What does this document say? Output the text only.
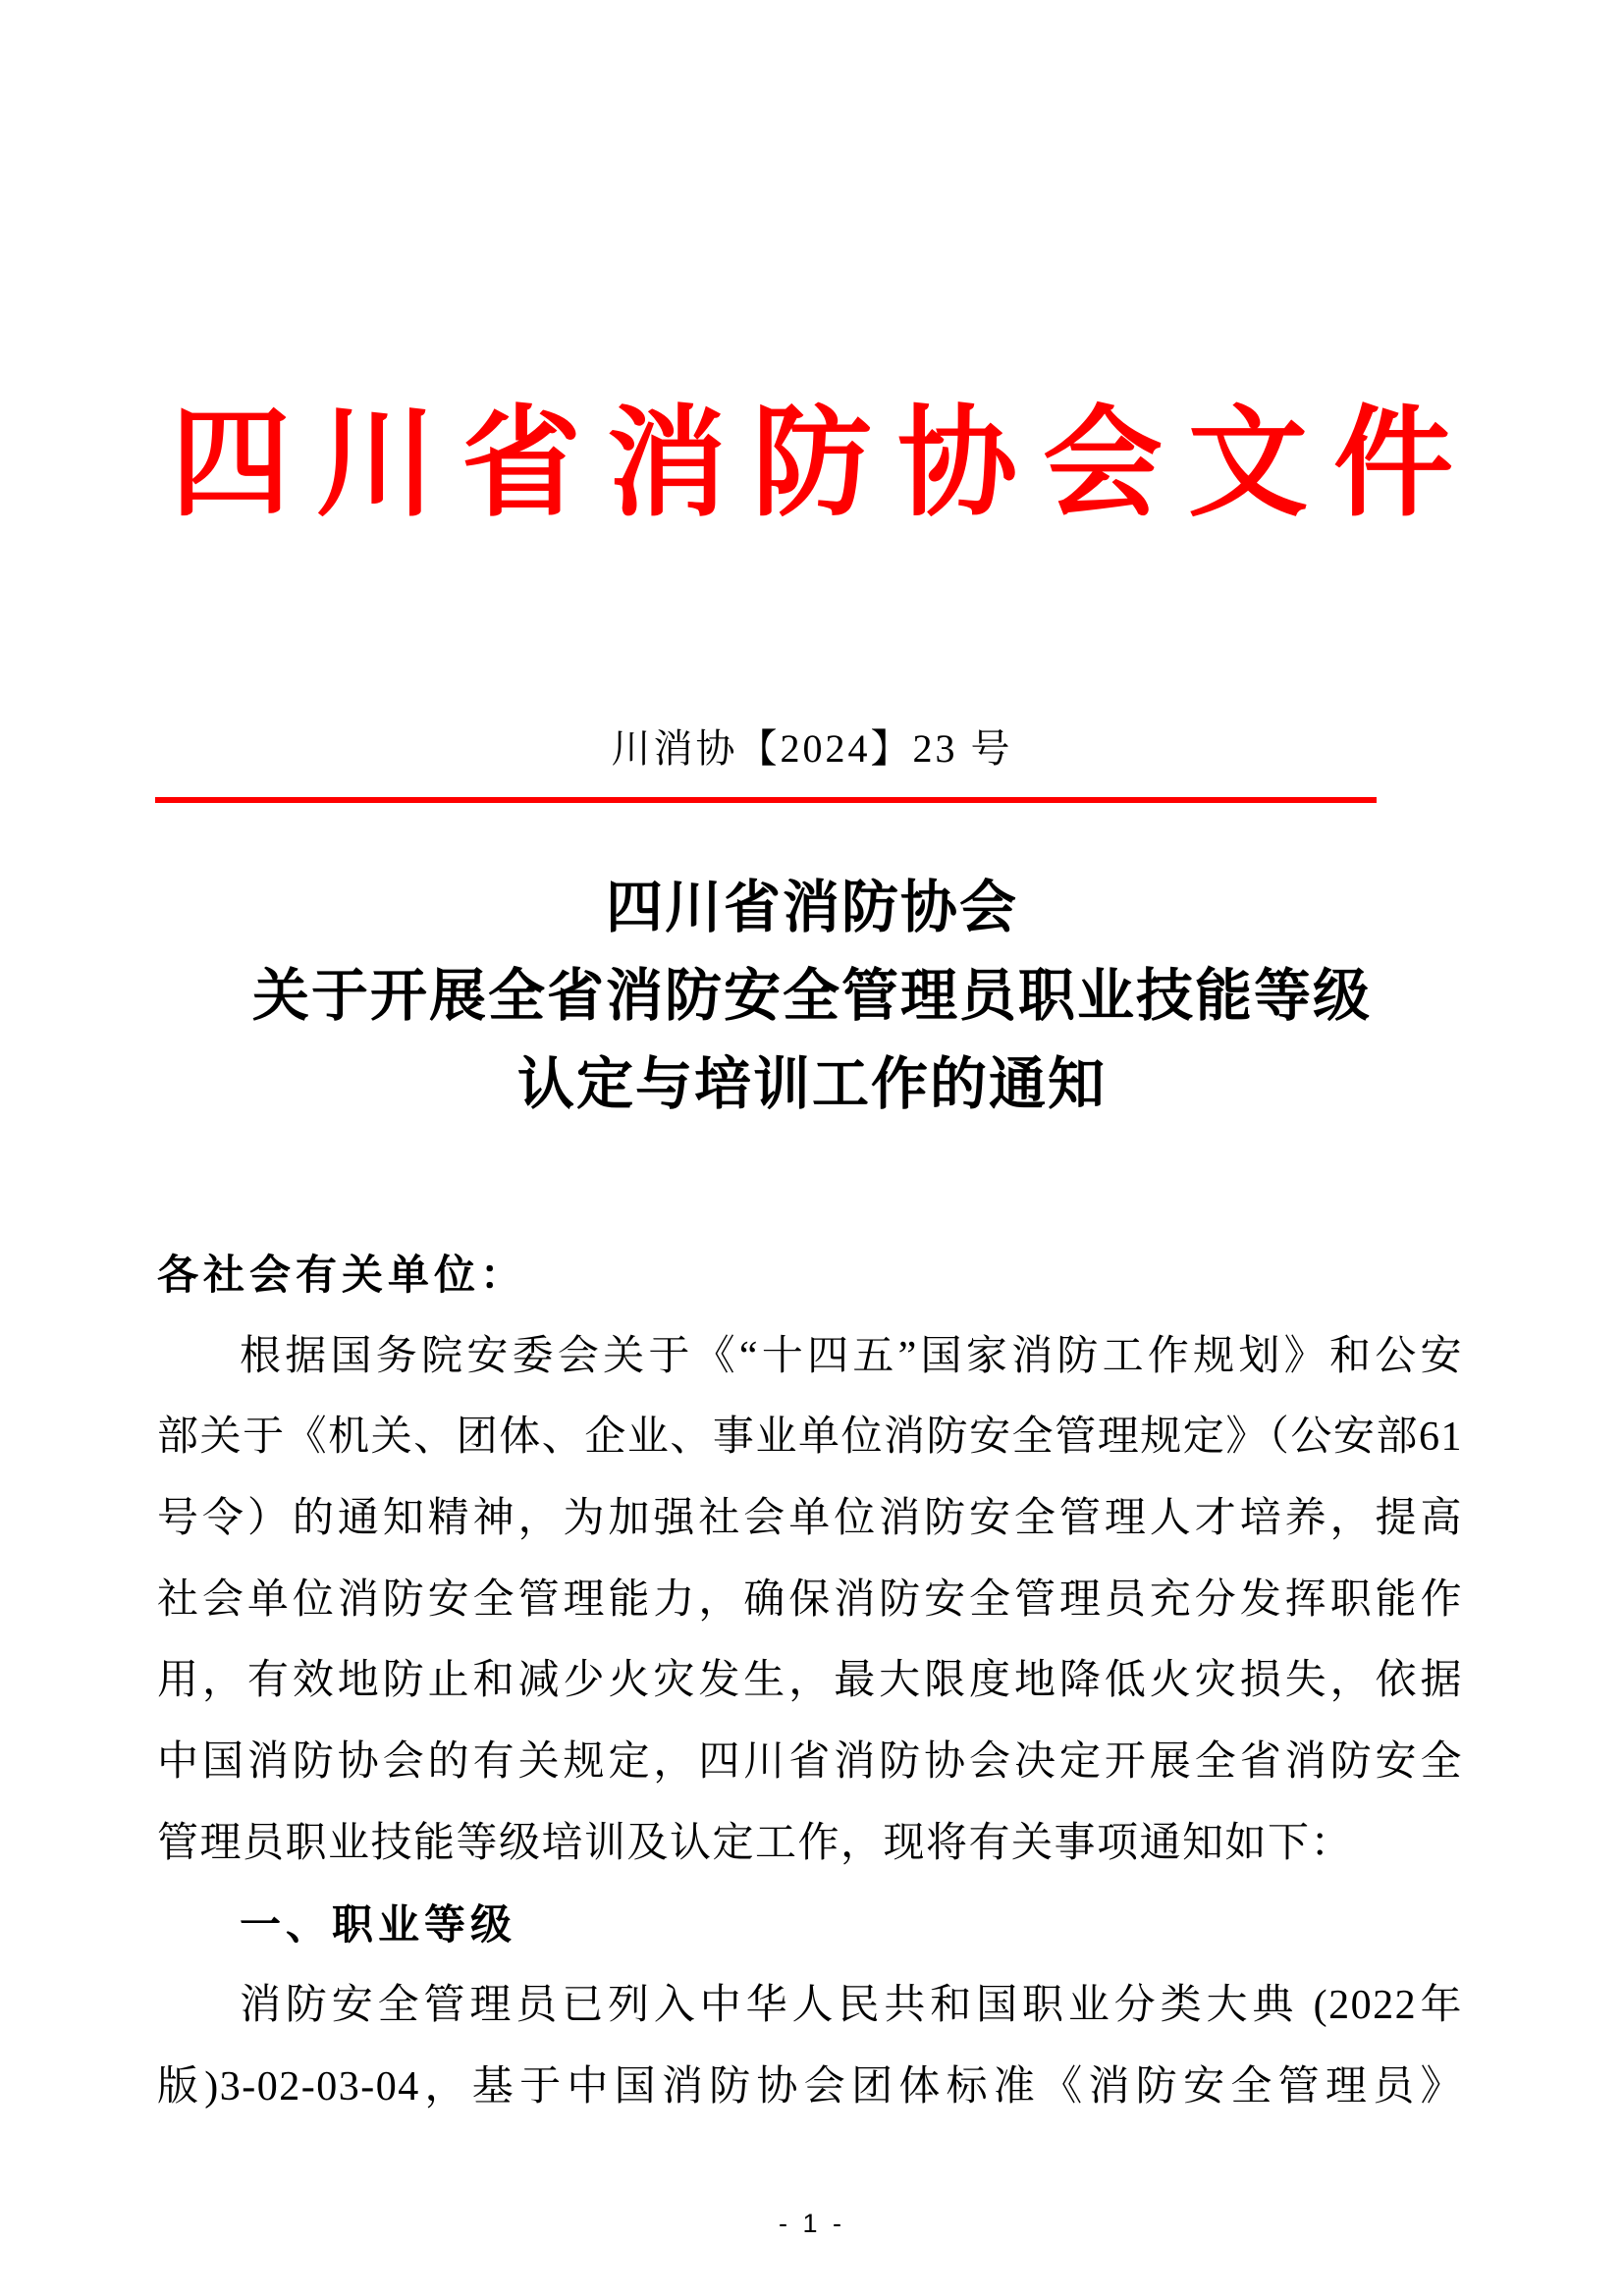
四川省消防协会文件
川消协【2024】23 号
四川省消防协会
关于开展全省消防安全管理员职业技能等级
认定与培训工作的通知
各社会有关单位：
根据国务院安委会关于《“十四五”国家消防工作规划》和公安
部关于《机关、团体、企业、事业单位消防安全管理规定》（公安部61
号令）的通知精神，为加强社会单位消防安全管理人才培养，提高
社会单位消防安全管理能力，确保消防安全管理员充分发挥职能作
用，有效地防止和减少火灾发生，最大限度地降低火灾损失，依据
中国消防协会的有关规定，四川省消防协会决定开展全省消防安全
管理员职业技能等级培训及认定工作，现将有关事项通知如下：
一、职业等级
消防安全管理员已列入中华人民共和国职业分类大典 (2022年
版)3-02-03-04，基于中国消防协会团体标准《消防安全管理员》
- 1 -
